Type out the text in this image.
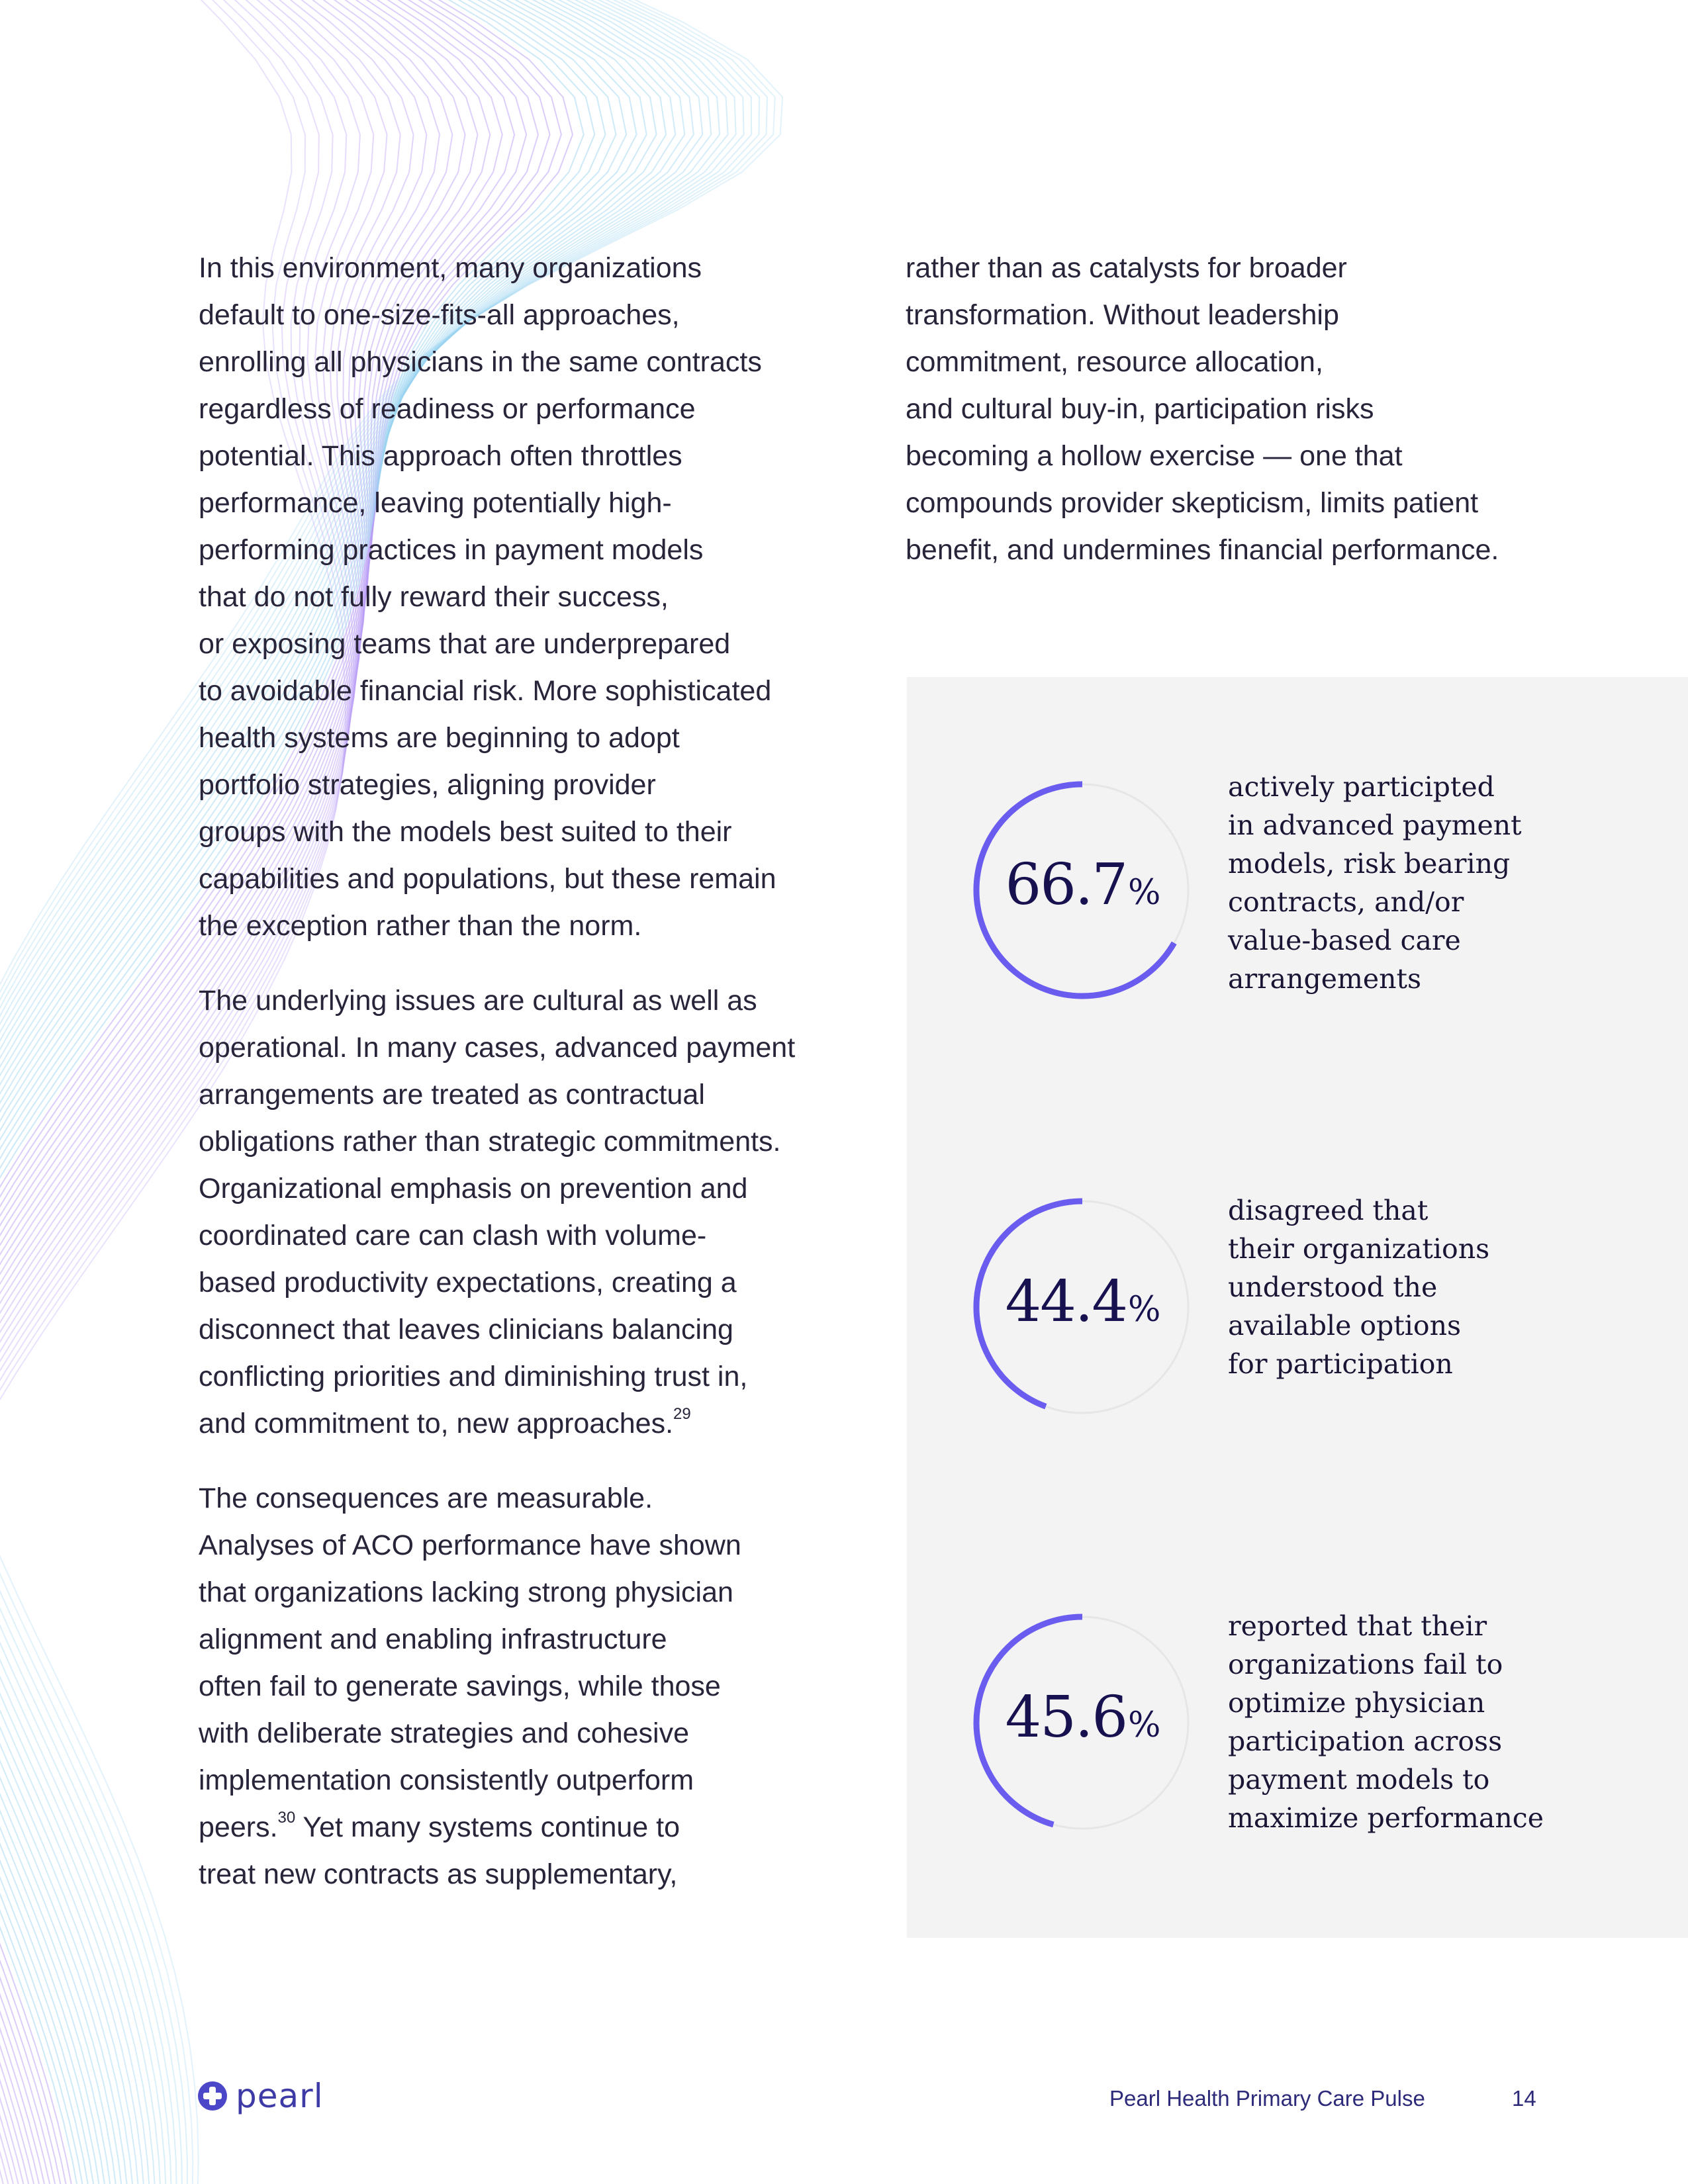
In this environment, many organizations
default to one-size-fits-all approaches,
enrolling all physicians in the same contracts
regardless of readiness or performance
potential. This approach often throttles
performance, leaving potentially high-
performing practices in payment models
that do not fully reward their success,
or exposing teams that are underprepared
to avoidable financial risk. More sophisticated
health systems are beginning to adopt
portfolio strategies, aligning provider
groups with the models best suited to their
capabilities and populations, but these remain
the exception rather than the norm.

The underlying issues are cultural as well as
operational. In many cases, advanced payment
arrangements are treated as contractual
obligations rather than strategic commitments.
Organizational emphasis on prevention and
coordinated care can clash with volume-
based productivity expectations, creating a
disconnect that leaves clinicians balancing
conflicting priorities and diminishing trust in,
and commitment to, new approaches.$^{29}$

The consequences are measurable.
Analyses of ACO performance have shown
that organizations lacking strong physician
alignment and enabling infrastructure
often fail to generate savings, while those
with deliberate strategies and cohesive
implementation consistently outperform
peers.$^{30}$ Yet many systems continue to
treat new contracts as supplementary,

rather than as catalysts for broader
transformation. Without leadership
commitment, resource allocation,
and cultural buy-in, participation risks
becoming a hollow exercise — one that
compounds provider skepticism, limits patient
benefit, and undermines financial performance.

66.7%
actively participted
in advanced payment
models, risk bearing
contracts, and/or
value-based care
arrangements
44.4%
disagreed that
their organizations
understood the
available options
for participation
45.6%
reported that their
organizations fail to
optimize physician
participation across
payment models to
maximize performance
pearl	Pearl Health Primary Care Pulse	14
